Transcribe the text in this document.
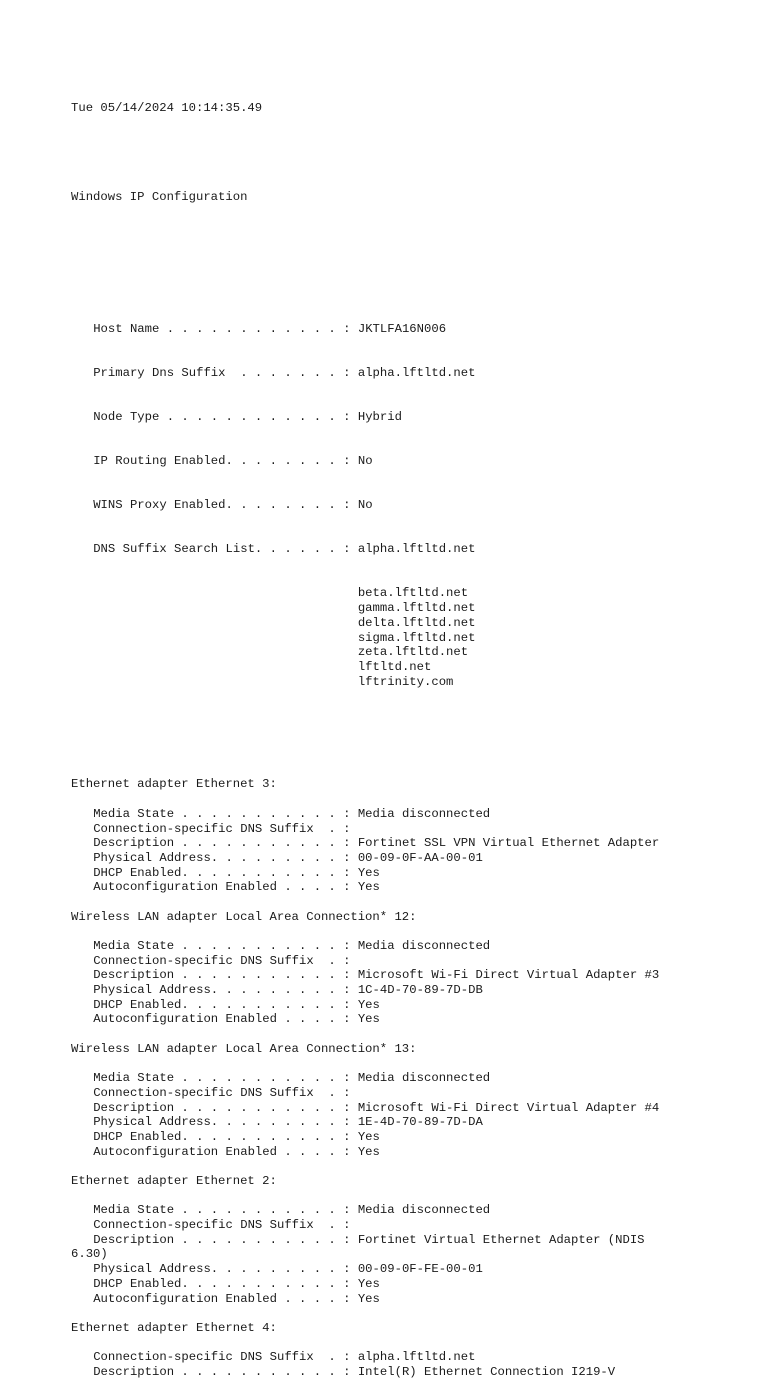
Tue 05/14/2024 10:14:35.49

Windows IP Configuration

Host Name . . . . . . . . . . . . : JKTLFA16N006

Primary Dns Suffix  . . . . . . . : alpha.lftltd.net

Node Type . . . . . . . . . . . . : Hybrid

IP Routing Enabled. . . . . . . . : No

WINS Proxy Enabled. . . . . . . . : No

DNS Suffix Search List. . . . . . : alpha.lftltd.net

beta.lftltd.net
gamma.lftltd.net
delta.lftltd.net
sigma.lftltd.net
zeta.lftltd.net
lftltd.net
lftrinity.com

Ethernet adapter Ethernet 3:
Media State . . . . . . . . . . . : Media disconnected
Connection-specific DNS Suffix  . :
Description . . . . . . . . . . . : Fortinet SSL VPN Virtual Ethernet Adapter
Physical Address. . . . . . . . . : 00-09-0F-AA-00-01
DHCP Enabled. . . . . . . . . . . : Yes
Autoconfiguration Enabled . . . . : Yes
Wireless LAN adapter Local Area Connection* 12:
Media State . . . . . . . . . . . : Media disconnected
Connection-specific DNS Suffix  . :
Description . . . . . . . . . . . : Microsoft Wi-Fi Direct Virtual Adapter #3
Physical Address. . . . . . . . . : 1C-4D-70-89-7D-DB
DHCP Enabled. . . . . . . . . . . : Yes
Autoconfiguration Enabled . . . . : Yes
Wireless LAN adapter Local Area Connection* 13:
Media State . . . . . . . . . . . : Media disconnected
Connection-specific DNS Suffix  . :
Description . . . . . . . . . . . : Microsoft Wi-Fi Direct Virtual Adapter #4
Physical Address. . . . . . . . . : 1E-4D-70-89-7D-DA
DHCP Enabled. . . . . . . . . . . : Yes
Autoconfiguration Enabled . . . . : Yes
Ethernet adapter Ethernet 2:
Media State . . . . . . . . . . . : Media disconnected
Connection-specific DNS Suffix  . :
Description . . . . . . . . . . . : Fortinet Virtual Ethernet Adapter (NDIS
6.30)
Physical Address. . . . . . . . . : 00-09-0F-FE-00-01
DHCP Enabled. . . . . . . . . . . : Yes
Autoconfiguration Enabled . . . . : Yes
Ethernet adapter Ethernet 4:
Connection-specific DNS Suffix  . : alpha.lftltd.net
Description . . . . . . . . . . . : Intel(R) Ethernet Connection I219-V
